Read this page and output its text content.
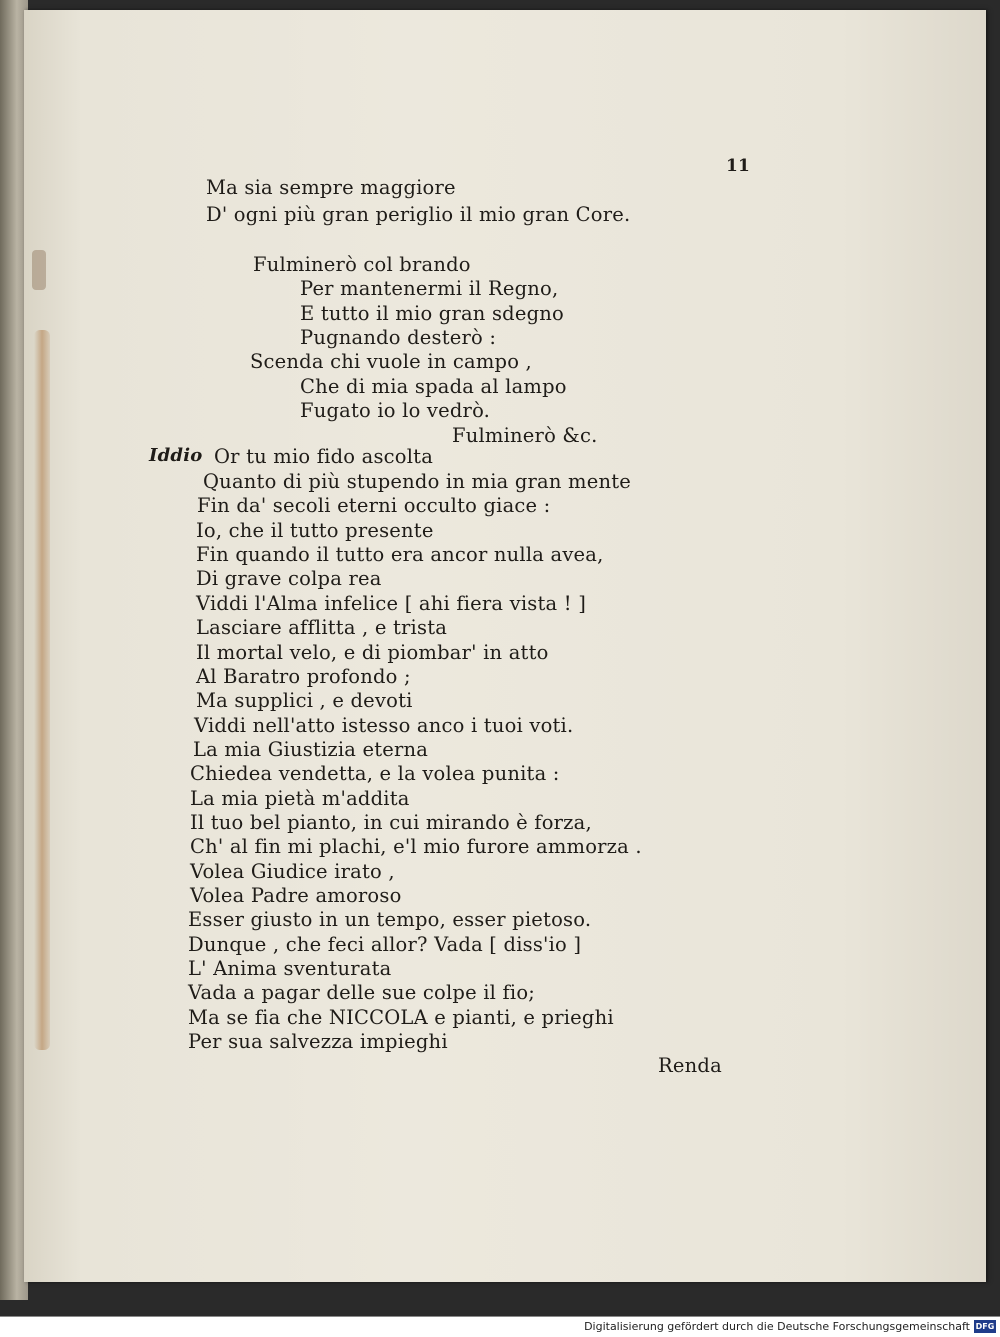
11
Ma sia sempre maggiore
D' ogni più gran periglio il mio gran Core.
Fulminerò col brando
Per mantenermi il Regno,
E tutto il mio gran sdegno
Pugnando desterò :
Scenda chi vuole in campo ,
Che di mia spada al lampo
Fugato io lo vedrò.
Fulminerò &c.
Iddio Or tu mio fido ascolta
Quanto di più stupendo in mia gran mente
Fin da' secoli eterni occulto giace :
Io, che il tutto presente
Fin quando il tutto era ancor nulla avea,
Di grave colpa rea
Viddi l'Alma infelice [ ahi fiera vista ! ]
Lasciare afflitta , e trista
Il mortal velo, e di piombar' in atto
Al Baratro profondo ;
Ma supplici , e devoti
Viddi nell'atto istesso anco i tuoi voti.
La mia Giustizia eterna
Chiedea vendetta, e la volea punita :
La mia pietà m'addita
Il tuo bel pianto, in cui mirando è forza,
Ch' al fin mi plachi, e'l mio furore ammorza .
Volea Giudice irato ,
Volea Padre amoroso
Esser giusto in un tempo, esser pietoso.
Dunque , che feci allor? Vada [ diss'io ]
L' Anima sventurata
Vada a pagar delle sue colpe il fio;
Ma se fia che NICCOLA e pianti, e prieghi
Per sua salvezza impieghi
Renda
Digitalisierung gefördert durch die Deutsche Forschungsgemeinschaft DFG
